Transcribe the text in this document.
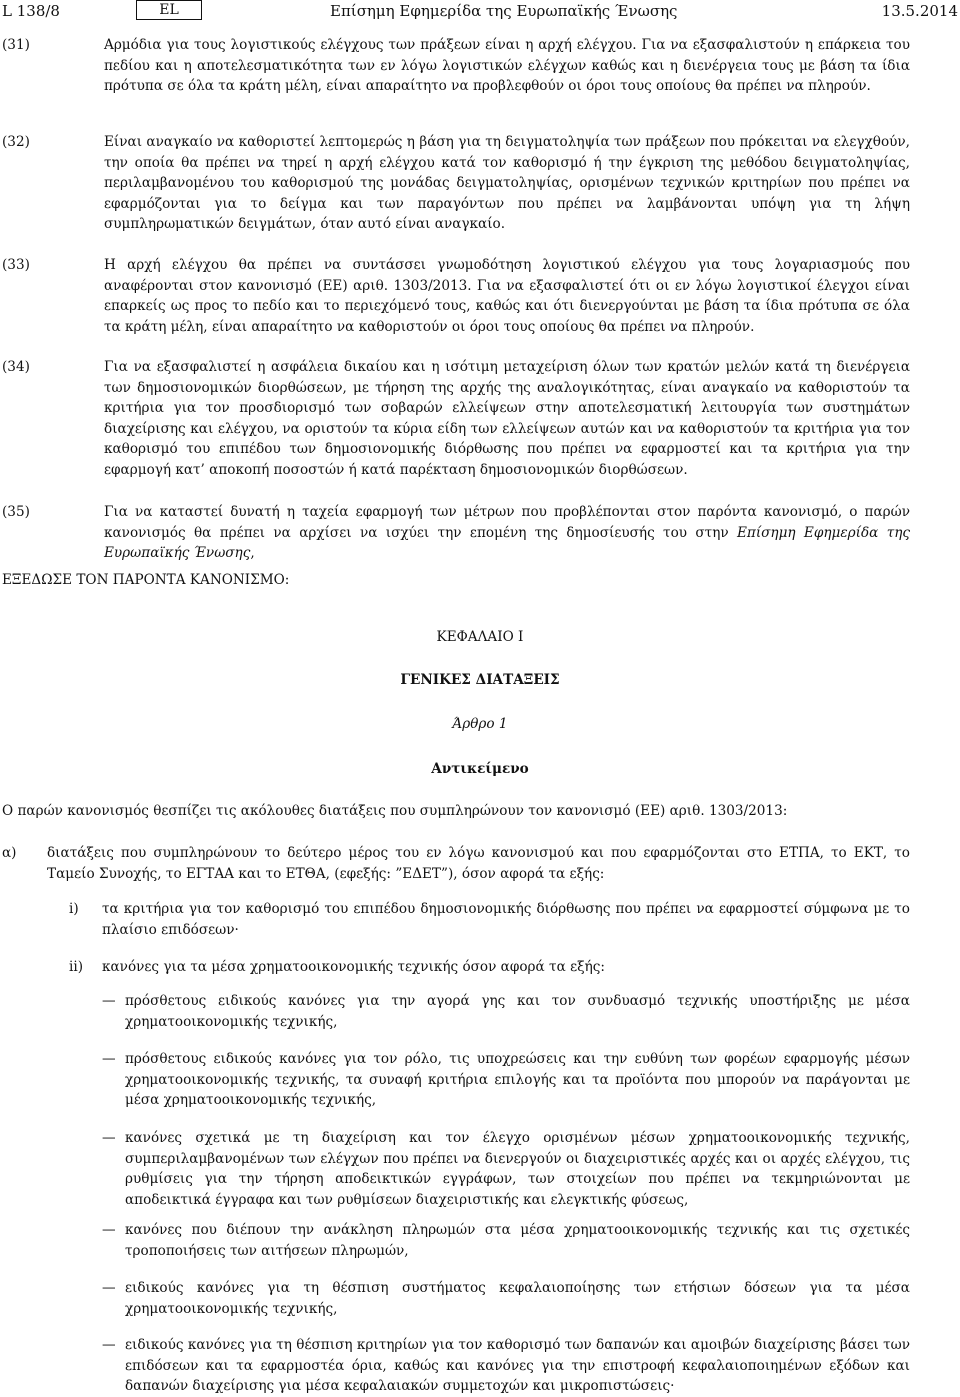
L 138/8	EL	Επίσημη Εφημερίδα της Ευρωπαϊκής Ένωσης	13.5.2014
(31)	Αρμόδια για τους λογιστικούς ελέγχους των πράξεων είναι η αρχή ελέγχου. Για να εξασφαλιστούν η επάρκεια του πεδίου και η αποτελεσματικότητα των εν λόγω λογιστικών ελέγχων καθώς και η διενέργεια τους με βάση τα ίδια πρότυπα σε όλα τα κράτη μέλη, είναι απαραίτητο να προβλεφθούν οι όροι τους οποίους θα πρέπει να πληρούν.
(32)	Είναι αναγκαίο να καθοριστεί λεπτομερώς η βάση για τη δειγματοληψία των πράξεων που πρόκειται να ελεγχθούν, την οποία θα πρέπει να τηρεί η αρχή ελέγχου κατά τον καθορισμό ή την έγκριση της μεθόδου δειγματοληψίας, περιλαμβανομένου του καθορισμού της μονάδας δειγματοληψίας, ορισμένων τεχνικών κριτηρίων που πρέπει να εφαρμόζονται για το δείγμα και των παραγόντων που πρέπει να λαμβάνονται υπόψη για τη λήψη συμπληρωματικών δειγμάτων, όταν αυτό είναι αναγκαίο.
(33)	Η αρχή ελέγχου θα πρέπει να συντάσσει γνωμοδότηση λογιστικού ελέγχου για τους λογαριασμούς που αναφέρονται στον κανονισμό (ΕΕ) αριθ. 1303/2013. Για να εξασφαλιστεί ότι οι εν λόγω λογιστικοί έλεγχοι είναι επαρκείς ως προς το πεδίο και το περιεχόμενό τους, καθώς και ότι διενεργούνται με βάση τα ίδια πρότυπα σε όλα τα κράτη μέλη, είναι απαραίτητο να καθοριστούν οι όροι τους οποίους θα πρέπει να πληρούν.
(34)	Για να εξασφαλιστεί η ασφάλεια δικαίου και η ισότιμη μεταχείριση όλων των κρατών μελών κατά τη διενέργεια των δημοσιονομικών διορθώσεων, με τήρηση της αρχής της αναλογικότητας, είναι αναγκαίο να καθοριστούν τα κριτήρια για τον προσδιορισμό των σοβαρών ελλείψεων στην αποτελεσματική λειτουργία των συστημάτων διαχείρισης και ελέγχου, να οριστούν τα κύρια είδη των ελλείψεων αυτών και να καθοριστούν τα κριτήρια για τον καθορισμό του επιπέδου των δημοσιονομικής διόρθωσης που πρέπει να εφαρμοστεί και τα κριτήρια για την εφαρμογή κατ’ αποκοπή ποσοστών ή κατά παρέκταση δημοσιονομικών διορθώσεων.
(35)	Για να καταστεί δυνατή η ταχεία εφαρμογή των μέτρων που προβλέπονται στον παρόντα κανονισμό, ο παρών κανονισμός θα πρέπει να αρχίσει να ισχύει την επομένη της δημοσίευσής του στην Επίσημη Εφημερίδα της Ευρωπαϊκής Ένωσης,
ΕΞΕΔΩΣΕ ΤΟΝ ΠΑΡΟΝΤΑ ΚΑΝΟΝΙΣΜΟ:
ΚΕΦΑΛΑΙΟ I
ΓΕΝΙΚΕΣ ΔΙΑΤΑΞΕΙΣ
Άρθρο 1
Αντικείμενο
Ο παρών κανονισμός θεσπίζει τις ακόλουθες διατάξεις που συμπληρώνουν τον κανονισμό (ΕΕ) αριθ. 1303/2013:
α) διατάξεις που συμπληρώνουν το δεύτερο μέρος του εν λόγω κανονισμού και που εφαρμόζονται στο ΕΤΠΑ, το ΕΚΤ, το Ταμείο Συνοχής, το ΕΓΤΑΑ και το ΕΤΘΑ, (εφεξής: ”ΕΔΕΤ”), όσον αφορά τα εξής:
i) τα κριτήρια για τον καθορισμό του επιπέδου δημοσιονομικής διόρθωσης που πρέπει να εφαρμοστεί σύμφωνα με το πλαίσιο επιδόσεων·
ii) κανόνες για τα μέσα χρηματοοικονομικής τεχνικής όσον αφορά τα εξής:
— πρόσθετους ειδικούς κανόνες για την αγορά γης και τον συνδυασμό τεχνικής υποστήριξης με μέσα χρηματοοικονομικής τεχνικής,
— πρόσθετους ειδικούς κανόνες για τον ρόλο, τις υποχρεώσεις και την ευθύνη των φορέων εφαρμογής μέσων χρηματοοικονομικής τεχνικής, τα συναφή κριτήρια επιλογής και τα προϊόντα που μπορούν να παράγονται με μέσα χρηματοοικονομικής τεχνικής,
— κανόνες σχετικά με τη διαχείριση και τον έλεγχο ορισμένων μέσων χρηματοοικονομικής τεχνικής, συμπεριλαμβανομένων των ελέγχων που πρέπει να διενεργούν οι διαχειριστικές αρχές και οι αρχές ελέγχου, τις ρυθμίσεις για την τήρηση αποδεικτικών εγγράφων, των στοιχείων που πρέπει να τεκμηριώνονται με αποδεικτικά έγγραφα και των ρυθμίσεων διαχειριστικής και ελεγκτικής φύσεως,
— κανόνες που διέπουν την ανάκληση πληρωμών στα μέσα χρηματοοικονομικής τεχνικής και τις σχετικές τροποποιήσεις των αιτήσεων πληρωμών,
— ειδικούς κανόνες για τη θέσπιση συστήματος κεφαλαιοποίησης των ετήσιων δόσεων για τα μέσα χρηματοοικονομικής τεχνικής,
— ειδικούς κανόνες για τη θέσπιση κριτηρίων για τον καθορισμό των δαπανών και αμοιβών διαχείρισης βάσει των επιδόσεων και τα εφαρμοστέα όρια, καθώς και κανόνες για την επιστροφή κεφαλαιοποιημένων εξόδων και δαπανών διαχείρισης για μέσα κεφαλαιακών συμμετοχών και μικροπιστώσεις·
